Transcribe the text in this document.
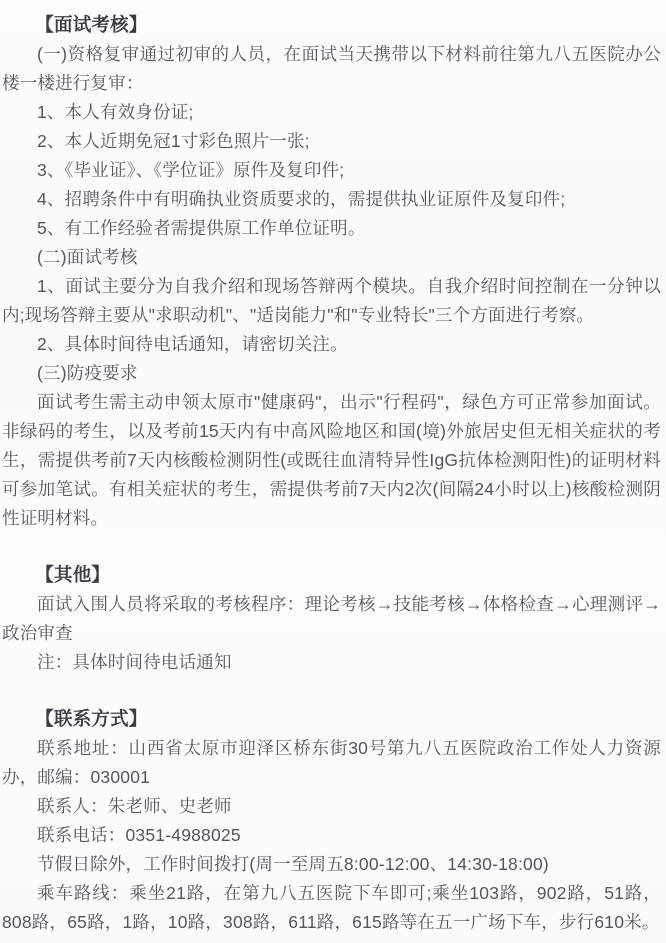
【面试考核】

(一)资格复审通过初审的人员，在面试当天携带以下材料前往第九八五医院办公楼一楼进行复审：

1、本人有效身份证;

2、本人近期免冠1寸彩色照片一张;

3、《毕业证》、《学位证》原件及复印件;

4、招聘条件中有明确执业资质要求的，需提供执业证原件及复印件;

5、有工作经验者需提供原工作单位证明。

(二)面试考核

1、面试主要分为自我介绍和现场答辩两个模块。自我介绍时间控制在一分钟以内;现场答辩主要从"求职动机"、"适岗能力"和"专业特长"三个方面进行考察。

2、具体时间待电话通知，请密切关注。

(三)防疫要求

面试考生需主动申领太原市"健康码"，出示"行程码"，绿色方可正常参加面试。非绿码的考生，以及考前15天内有中高风险地区和国(境)外旅居史但无相关症状的考生，需提供考前7天内核酸检测阴性(或既往血清特异性IgG抗体检测阳性)的证明材料可参加笔试。有相关症状的考生，需提供考前7天内2次(间隔24小时以上)核酸检测阴性证明材料。

【其他】

面试入围人员将采取的考核程序：理论考核→技能考核→体格检查→心理测评→政治审查

注：具体时间待电话通知

【联系方式】

联系地址：山西省太原市迎泽区桥东街30号第九八五医院政治工作处人力资源办，邮编：030001

联系人：朱老师、史老师

联系电话：0351-4988025

节假日除外，工作时间拨打(周一至周五8:00-12:00、14:30-18:00)

乘车路线：乘坐21路，在第九八五医院下车即可;乘坐103路，902路，51路，808路，65路，1路，10路，308路，611路，615路等在五一广场下车，步行610米。
